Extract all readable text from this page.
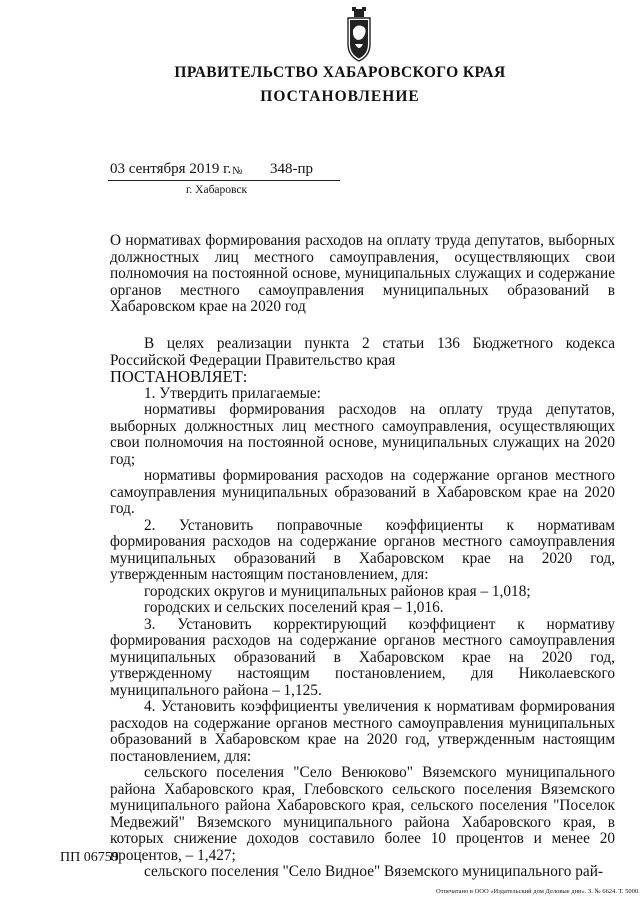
ПРАВИТЕЛЬСТВО ХАБАРОВСКОГО КРАЯ
ПОСТАНОВЛЕНИЕ
03 сентября 2019 г. № 348-пр
г. Хабаровск
О нормативах формирования расходов на оплату труда депутатов, выборных должностных лиц местного самоуправления, осуществляющих свои полномочия на постоянной основе, муниципальных служащих и содержание органов местного самоуправления муниципальных образований в Хабаровском крае на 2020 год

В целях реализации пункта 2 статьи 136 Бюджетного кодекса Российской Федерации Правительство края

ПОСТАНОВЛЯЕТ:

1. Утвердить прилагаемые:

нормативы формирования расходов на оплату труда депутатов, выборных должностных лиц местного самоуправления, осуществляющих свои полномочия на постоянной основе, муниципальных служащих на 2020 год;

нормативы формирования расходов на содержание органов местного самоуправления муниципальных образований в Хабаровском крае на 2020 год.

2. Установить поправочные коэффициенты к нормативам формирования расходов на содержание органов местного самоуправления муниципальных образований в Хабаровском крае на 2020 год, утвержденным настоящим постановлением, для:

городских округов и муниципальных районов края – 1,018;

городских и сельских поселений края – 1,016.

3. Установить корректирующий коэффициент к нормативу формирования расходов на содержание органов местного самоуправления муниципальных образований в Хабаровском крае на 2020 год, утвержденному настоящим постановлением, для Николаевского муниципального района – 1,125.

4. Установить коэффициенты увеличения к нормативам формирования расходов на содержание органов местного самоуправления муниципальных образований в Хабаровском крае на 2020 год, утвержденным настоящим постановлением, для:

сельского поселения "Село Венюково" Вяземского муниципального района Хабаровского края, Глебовского сельского поселения Вяземского муниципального района Хабаровского края, сельского поселения "Поселок Медвежий" Вяземского муниципального района Хабаровского края, в которых снижение доходов составило более 10 процентов и менее 20 процентов, – 1,427;

сельского поселения "Село Видное" Вяземского муниципального рай-

ПП 06759
Отпечатано в ООО «Издательский дом Деловые дни». З. № 6624. Т. 5000.
